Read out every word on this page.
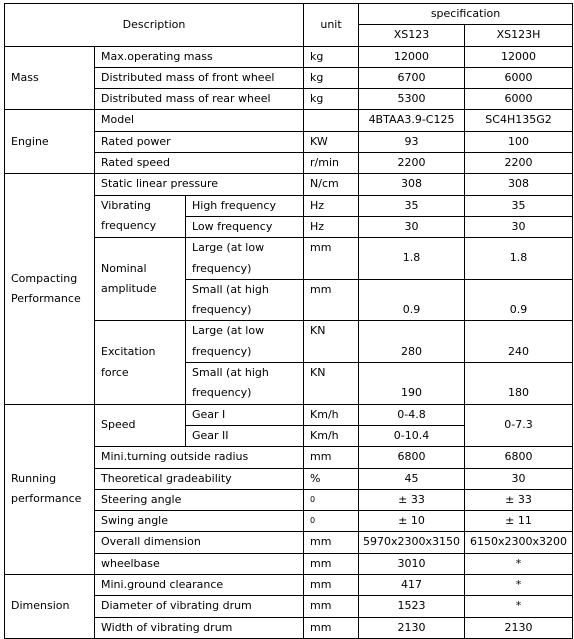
Description			unit	specification	
				XS123	XS123H
Mass	Max.operating mass		kg	12000	12000
	Distributed mass of front wheel		kg	6700	6000
	Distributed mass of rear wheel		kg	5300	6000
Engine	Model			4BTAA3.9-C125	SC4H135G2
	Rated power		KW	93	100
	Rated speed		r/min	2200	2200
Compacting Performance	Static linear pressure		N/cm	308	308
	Vibrating frequency	High frequency	Hz	35	35
		Low frequency	Hz	30	30
	Nominal amplitude	Large (at low frequency)	mm	1.8	1.8

		Small (at high frequency)	mm	0.9	0.9

	Excitation force	Large (at low frequency)	KN	280	240

		Small (at high frequency)	KN	190	180

Running performance	Speed	Gear I	Km/h	0-4.8	0-7.3
		Gear II	Km/h	0-10.4	
	Mini.turning outside radius		mm	6800	6800
	Theoretical gradeability		%	45	30
	Steering angle		0	± 33	± 33
	Swing angle		0	± 10	± 11
	Overall dimension		mm	5970x2300x3150	6150x2300x3200
	wheelbase		mm	3010	*
Dimension	Mini.ground clearance		mm	417	*
	Diameter of vibrating drum		mm	1523	*
	Width of vibrating drum		mm	2130	2130
